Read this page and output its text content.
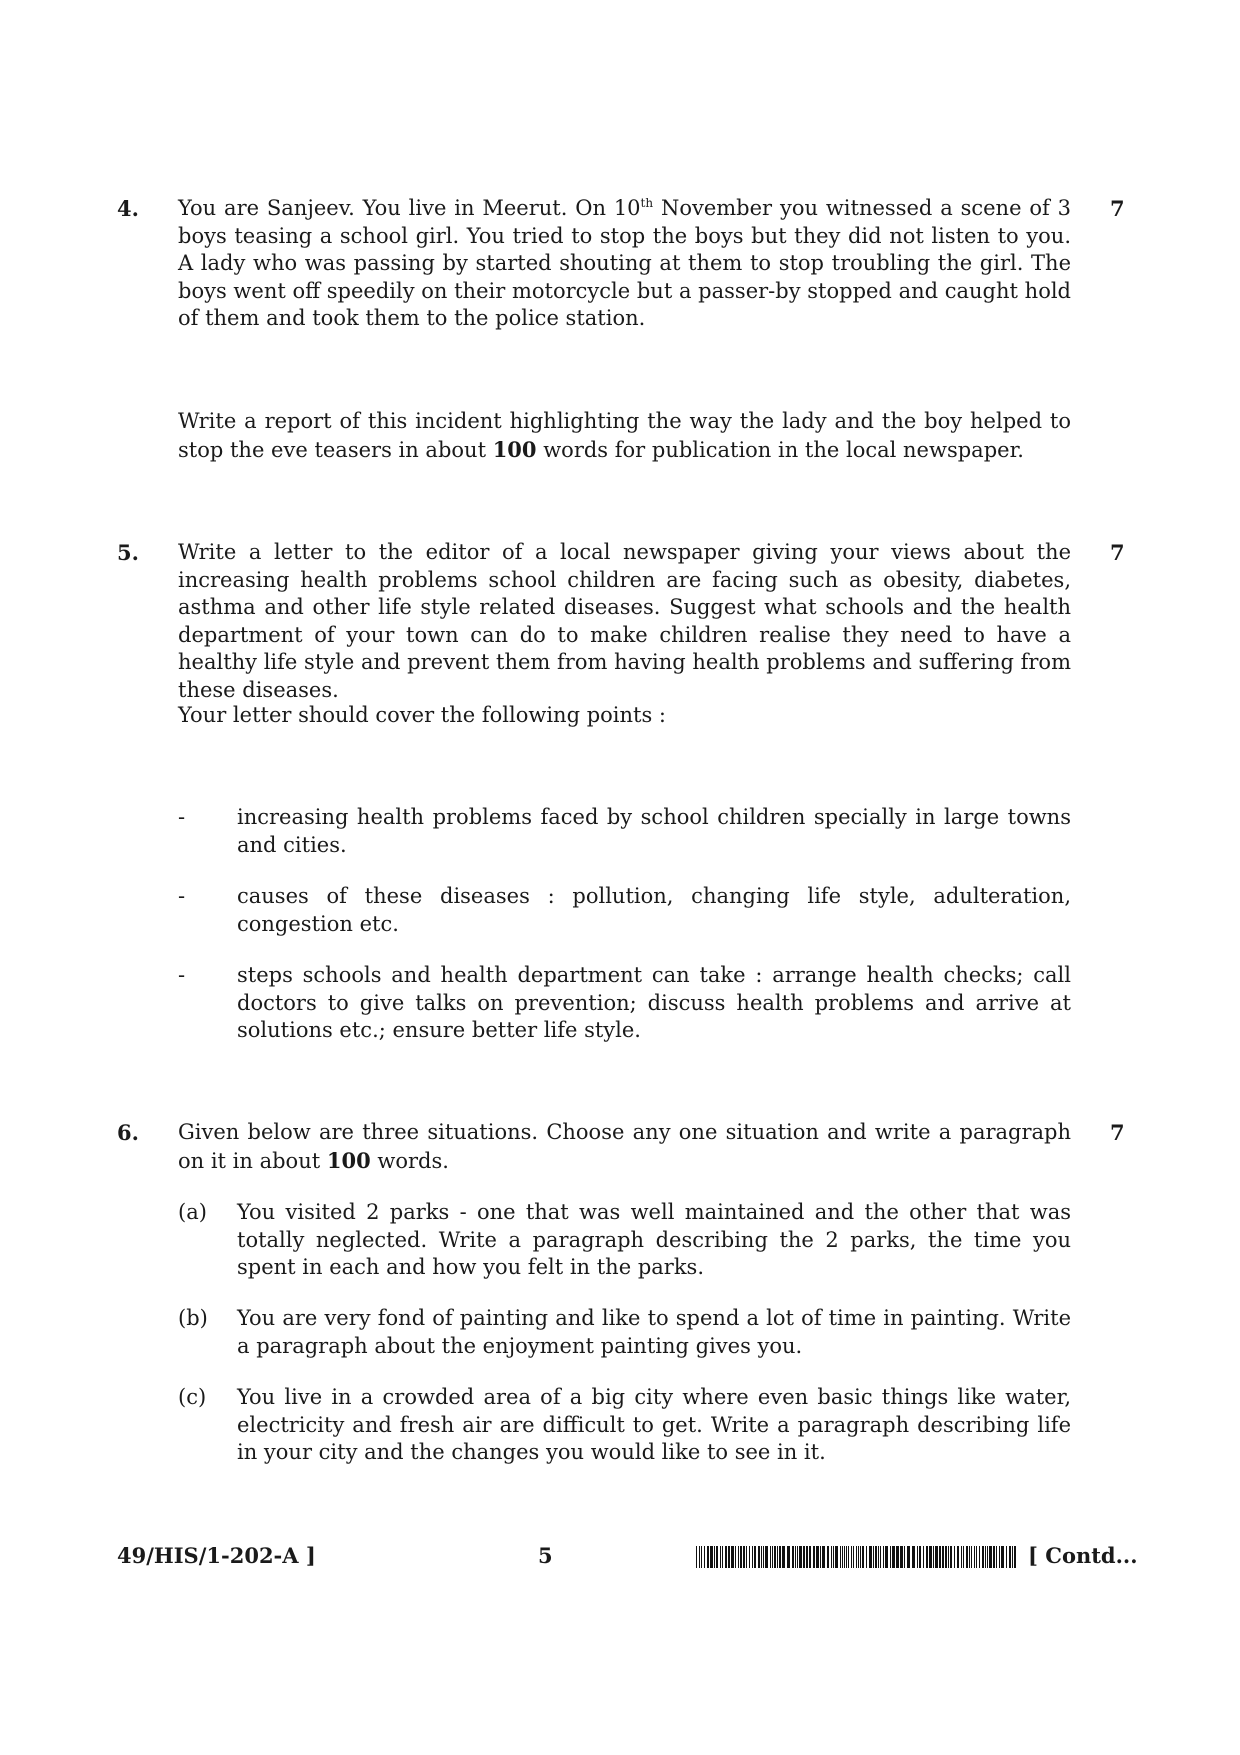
4.	7

You are Sanjeev. You live in Meerut. On 10th November you witnessed a scene of 3 boys teasing a school girl. You tried to stop the boys but they did not listen to you. A lady who was passing by started shouting at them to stop troubling the girl. The boys went off speedily on their motorcycle but a passer-by stopped and caught hold of them and took them to the police station.

Write a report of this incident highlighting the way the lady and the boy helped to stop the eve teasers in about 100 words for publication in the local newspaper.

5.	7

Write a letter to the editor of a local newspaper giving your views about the increasing health problems school children are facing such as obesity, diabetes, asthma and other life style related diseases. Suggest what schools and the health department of your town can do to make children realise they need to have a healthy life style and prevent them from having health problems and suffering from these diseases.

Your letter should cover the following points :

- increasing health problems faced by school children specially in large towns and cities.

- causes of these diseases : pollution, changing life style, adulteration, congestion etc.

- steps schools and health department can take : arrange health checks; call doctors to give talks on prevention; discuss health problems and arrive at solutions etc.; ensure better life style.

6.	7

Given below are three situations. Choose any one situation and write a paragraph on it in about 100 words.

(a) You visited 2 parks - one that was well maintained and the other that was totally neglected. Write a paragraph describing the 2 parks, the time you spent in each and how you felt in the parks.

(b) You are very fond of painting and like to spend a lot of time in painting. Write a paragraph about the enjoyment painting gives you.

(c) You live in a crowded area of a big city where even basic things like water, electricity and fresh air are difficult to get. Write a paragraph describing life in your city and the changes you would like to see in it.

49/HIS/1-202-A ]	5	[ Contd...
